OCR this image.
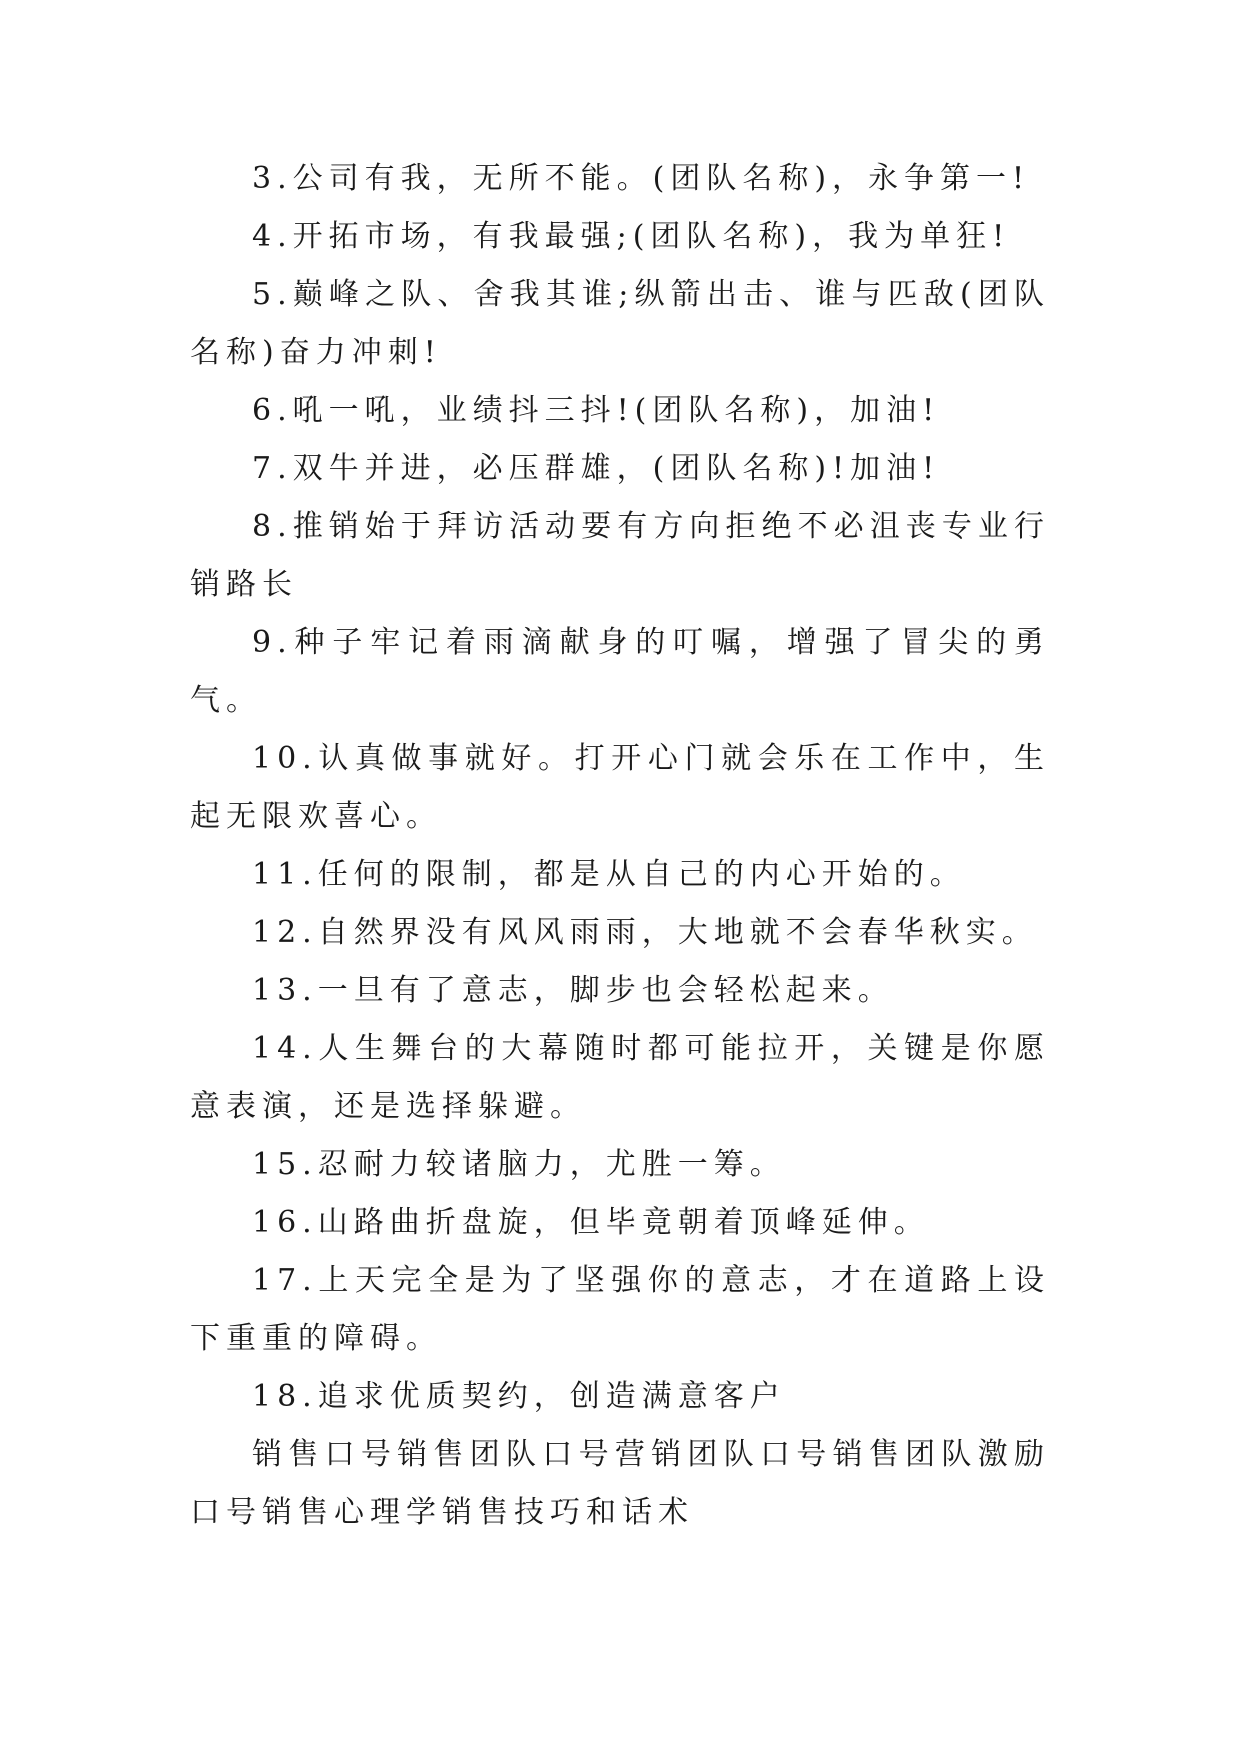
3.公司有我，无所不能。(团队名称)，永争第一!

4.开拓市场，有我最强;(团队名称)，我为单狂!

5.巅峰之队、舍我其谁;纵箭出击、谁与匹敌(团队名称)奋力冲刺!

6.吼一吼，业绩抖三抖!(团队名称)，加油!

7.双牛并进，必压群雄，(团队名称)!加油!

8.推销始于拜访活动要有方向拒绝不必沮丧专业行销路长

9.种子牢记着雨滴献身的叮嘱，增强了冒尖的勇气。

10.认真做事就好。打开心门就会乐在工作中，生起无限欢喜心。

11.任何的限制，都是从自己的内心开始的。

12.自然界没有风风雨雨，大地就不会春华秋实。

13.一旦有了意志，脚步也会轻松起来。

14.人生舞台的大幕随时都可能拉开，关键是你愿意表演，还是选择躲避。

15.忍耐力较诸脑力，尤胜一筹。

16.山路曲折盘旋，但毕竟朝着顶峰延伸。

17.上天完全是为了坚强你的意志，才在道路上设下重重的障碍。

18.追求优质契约，创造满意客户

销售口号销售团队口号营销团队口号销售团队激励口号销售心理学销售技巧和话术
